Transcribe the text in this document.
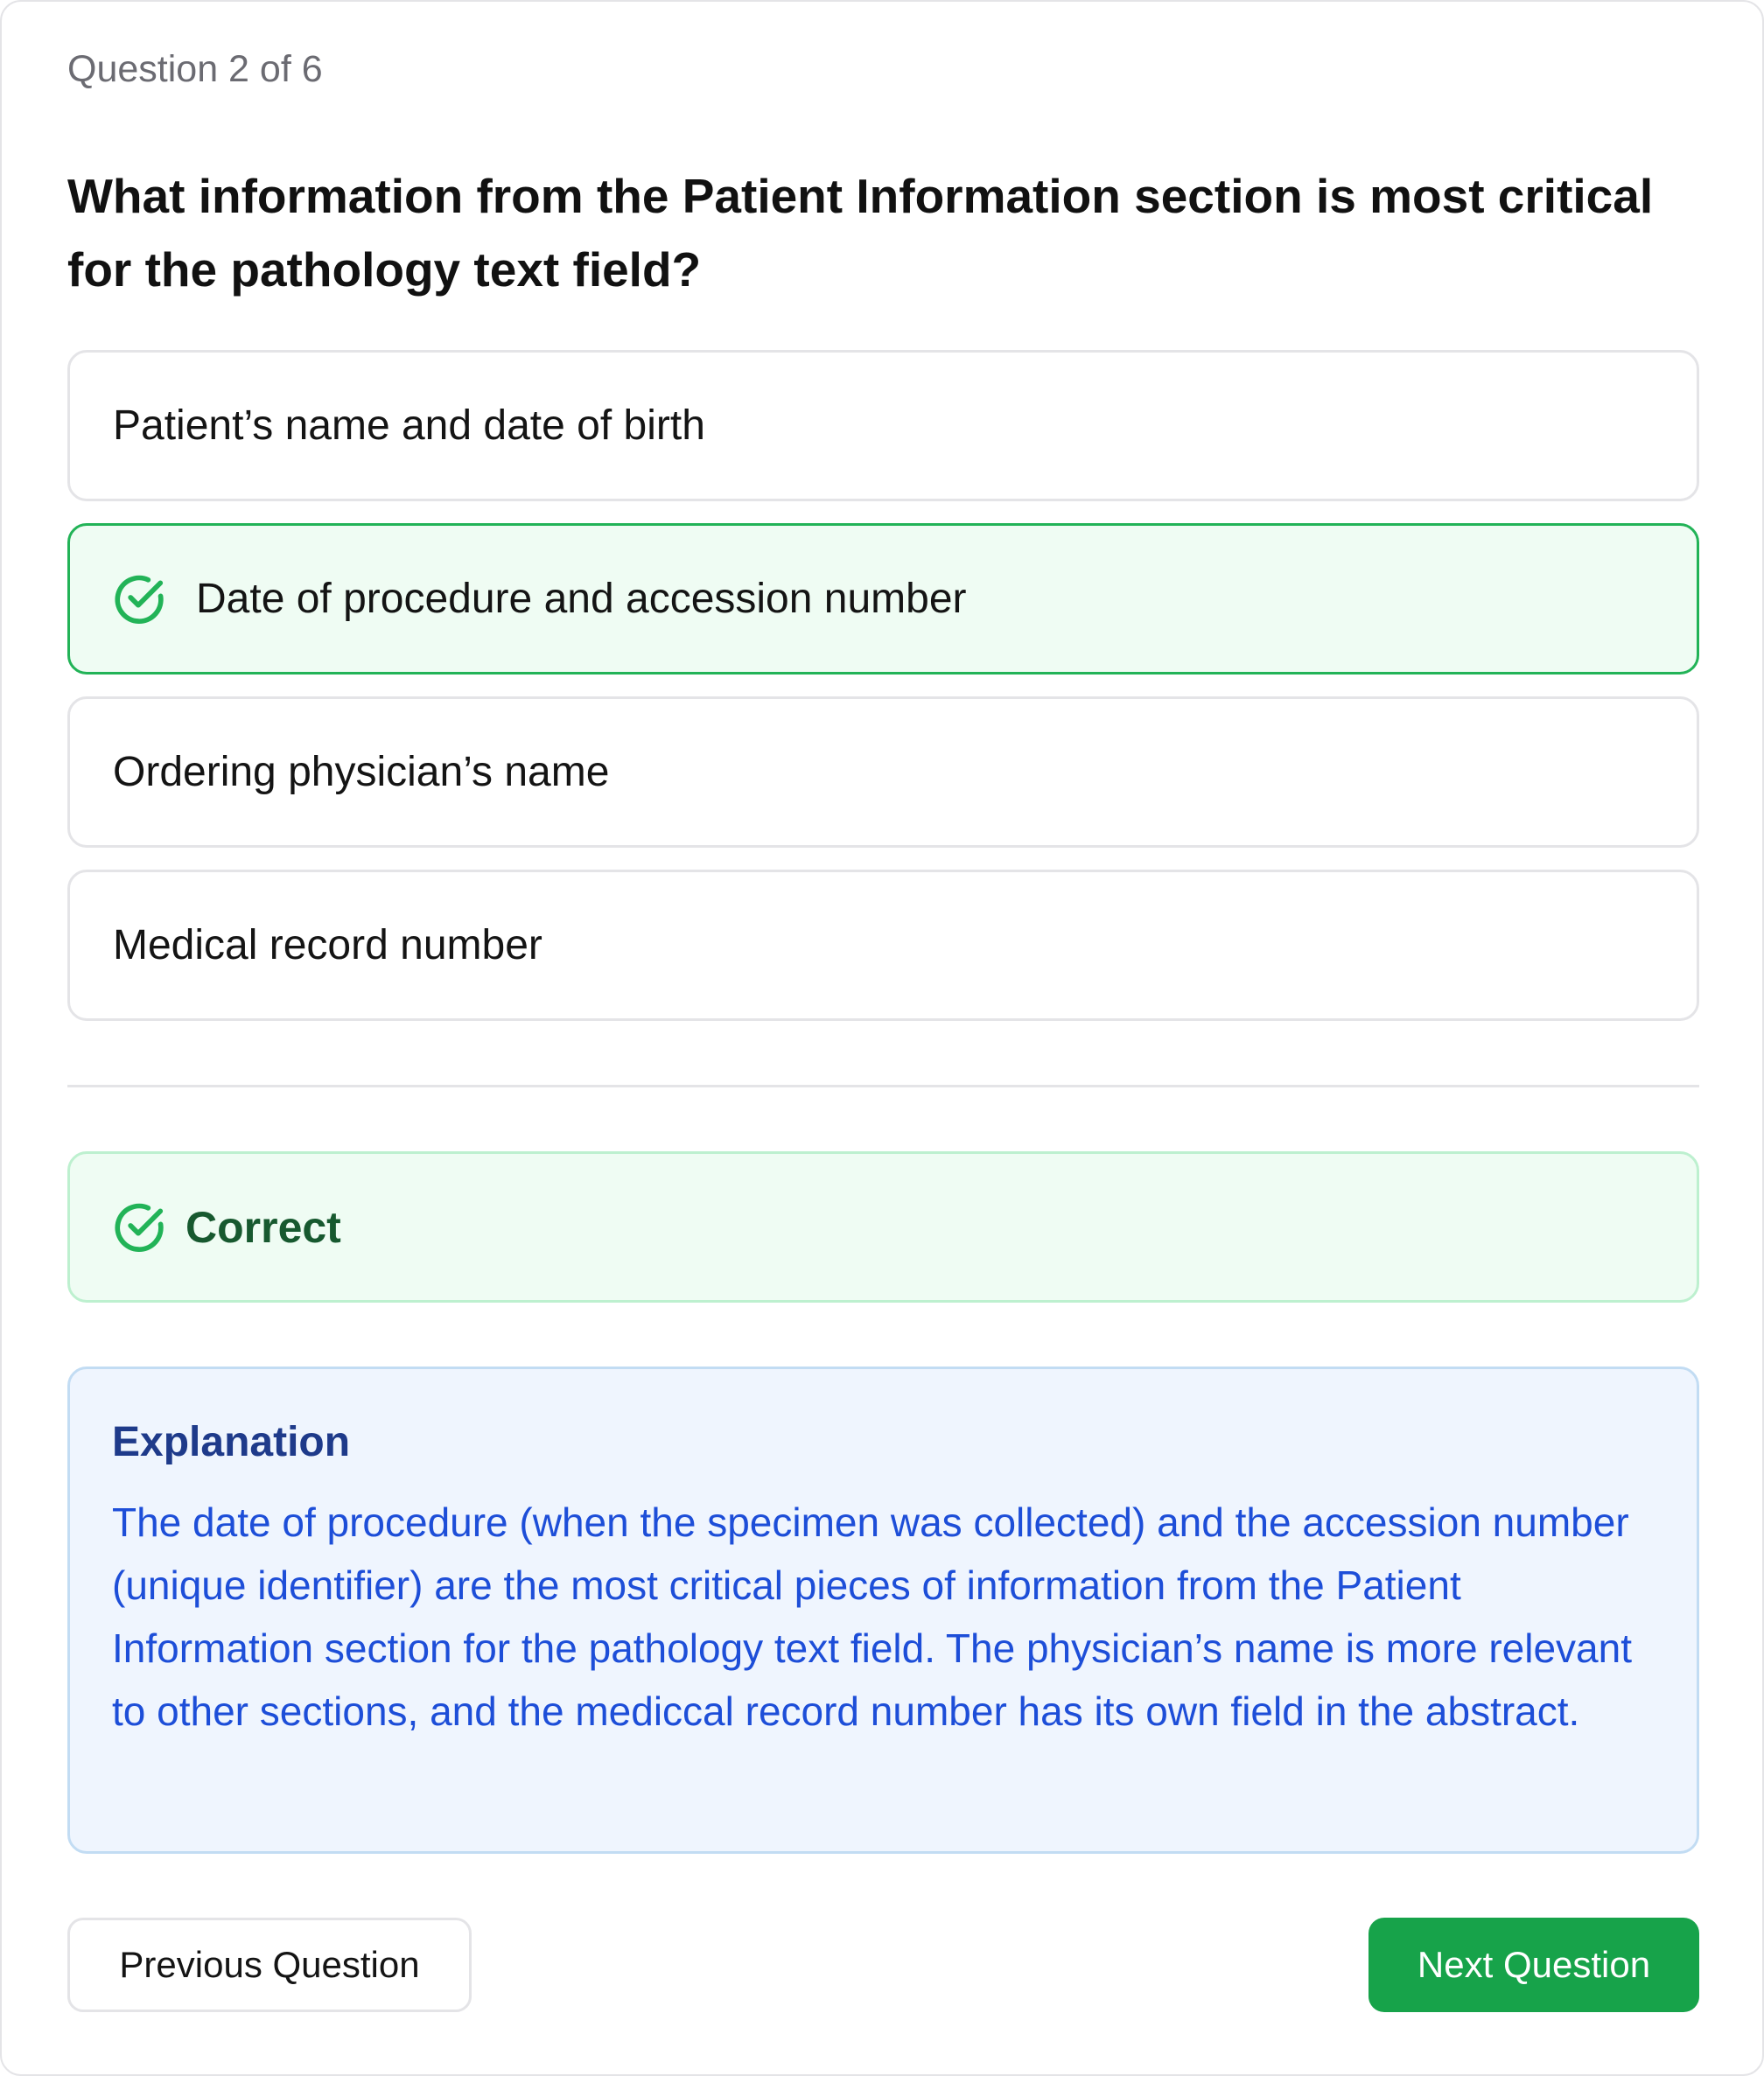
Question 2 of 6
What information from the Patient Information section is most critical for the pathology text field?
Patient’s name and date of birth
Date of procedure and accession number
Ordering physician’s name
Medical record number
Correct
Explanation
The date of procedure (when the specimen was collected) and the accession number (unique identifier) are the most critical pieces of information from the Patient Information section for the pathology text field. The physician’s name is more relevant to other sections, and the medicсal record number has its own field in the abstract.
Previous Question	Next Question
